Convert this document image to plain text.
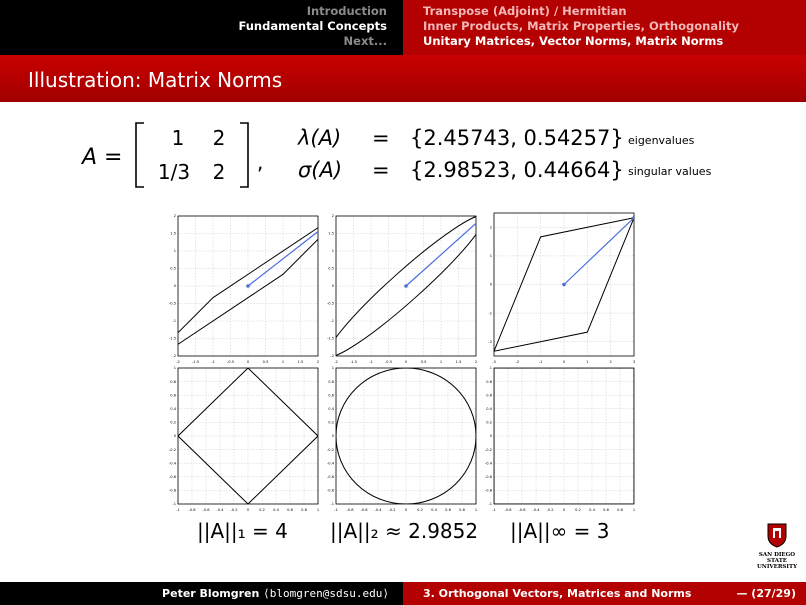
Introduction
Fundamental Concepts
Next...
Transpose (Adjoint) / Hermitian
Inner Products, Matrix Properties, Orthogonality
Unitary Matrices, Vector Norms, Matrix Norms
Illustration: Matrix Norms
A =
1	2
1/3	2	,
λ(A) = {2.45743, 0.54257} eigenvalues
σ(A) = {2.98523, 0.44664} singular values
-2	-1.5	-1	-0.5	0	0.5	1	1.5	2
-2
-1.5
-1
-0.5
0
0.5
1
1.5
2
-2	-1.5	-1	-0.5	0	0.5	1	1.5	2
-2
-1.5
-1
-0.5
0
0.5
1
1.5
2
-3	-2	-1	0	1	2	3
-2
-1
0
1
2
-1 -0.8 -0.6 -0.4 -0.2	0	0.2 0.4 0.6 0.8	1
-1
-0.8
-0.6
-0.4
-0.2
0
0.2
0.4
0.6
0.8
1
-1 -0.8 -0.6 -0.4 -0.2	0	0.2 0.4 0.6 0.8	1
-1
-0.8
-0.6
-0.4
-0.2
0
0.2
0.4
0.6
0.8
1
-1 -0.8 -0.6 -0.4 -0.2	0	0.2 0.4 0.6 0.8	1
-1
-0.8
-0.6
-0.4
-0.2
0
0.2
0.4
0.6
0.8
1
||A||₁ = 4 ||A||₂ ≈ 2.9852 ||A||∞ = 3
SAN DIEGO STATE
UNIVERSITY
Peter Blomgren ⟨blomgren@sdsu.edu⟩	3. Orthogonal Vectors, Matrices and Norms	— (27/29)
